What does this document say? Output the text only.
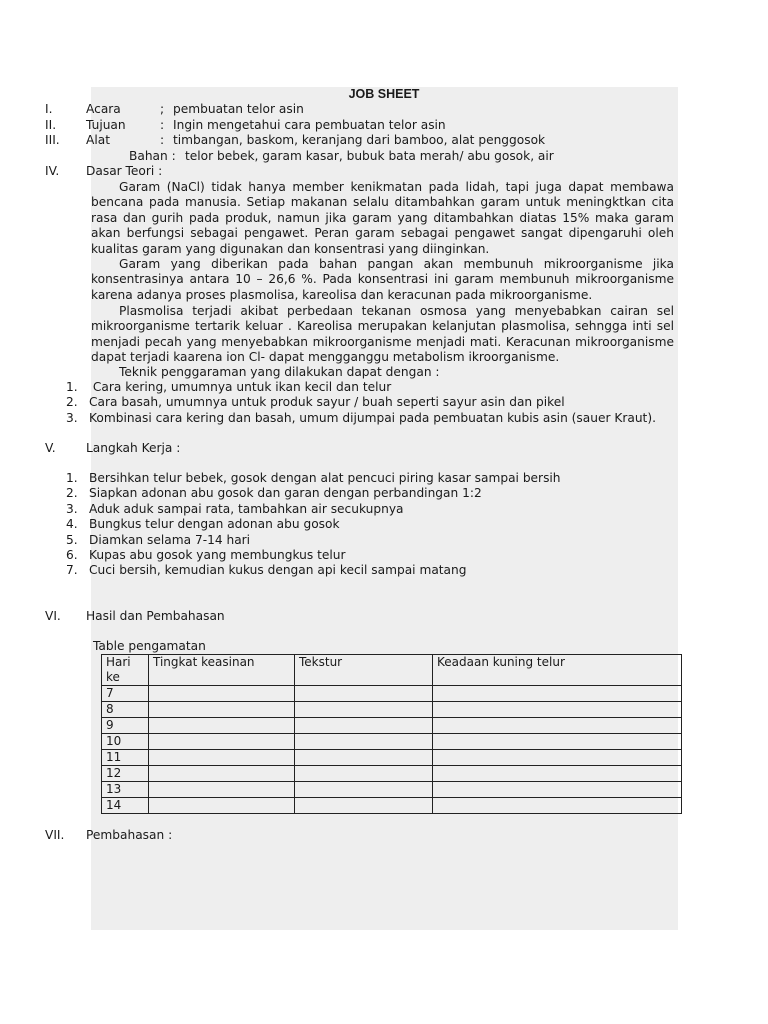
JOB SHEET
I.	Acara	; pembuatan telor asin
II. Tujuan	: Ingin mengetahui cara pembuatan telor asin
III. Alat	: timbangan, baskom, keranjang dari bamboo, alat penggosok
Bahan : telor bebek, garam kasar, bubuk bata merah/ abu gosok, air
IV. Dasar Teori :
Garam (NaCl) tidak hanya member kenikmatan pada lidah, tapi juga dapat membawa bencana pada manusia. Setiap makanan selalu ditambahkan garam untuk meningktkan cita rasa dan gurih pada produk, namun jika garam yang ditambahkan diatas 15% maka garam akan berfungsi sebagai pengawet. Peran garam sebagai pengawet sangat dipengaruhi oleh kualitas garam yang digunakan dan konsentrasi yang diinginkan.
Garam yang diberikan pada bahan pangan akan membunuh mikroorganisme jika konsentrasinya antara 10 – 26,6 %. Pada konsentrasi ini garam membunuh mikroorganisme karena adanya proses plasmolisa, kareolisa dan keracunan pada mikroorganisme.
Plasmolisa terjadi akibat perbedaan tekanan osmosa yang menyebabkan cairan sel mikroorganisme tertarik keluar . Kareolisa merupakan kelanjutan plasmolisa, sehngga inti sel menjadi pecah yang menyebabkan mikroorganisme menjadi mati. Keracunan mikroorganisme dapat terjadi kaarena ion Cl- dapat mengganggu metabolism ikroorganisme.
Teknik penggaraman yang dilakukan dapat dengan :
1. Cara kering, umumnya untuk ikan kecil dan telur
2. Cara basah, umumnya untuk produk sayur / buah seperti sayur asin dan pikel
3. Kombinasi cara kering dan basah, umum dijumpai pada pembuatan kubis asin (sauer Kraut).
V. Langkah Kerja :
1. Bersihkan telur bebek, gosok dengan alat pencuci piring kasar sampai bersih
2. Siapkan adonan abu gosok dan garan dengan perbandingan 1:2
3. Aduk aduk sampai rata, tambahkan air secukupnya
4. Bungkus telur dengan adonan abu gosok
5. Diamkan selama 7-14 hari
6. Kupas abu gosok yang membungkus telur
7. Cuci bersih, kemudian kukus dengan api kecil sampai matang
VI. Hasil dan Pembahasan
Table pengamatan
Hari ke	Tingkat keasinan	Tekstur	Keadaan kuning telur
7			
8			
9			
10			
11			
12			
13			
14			
VII. Pembahasan :
